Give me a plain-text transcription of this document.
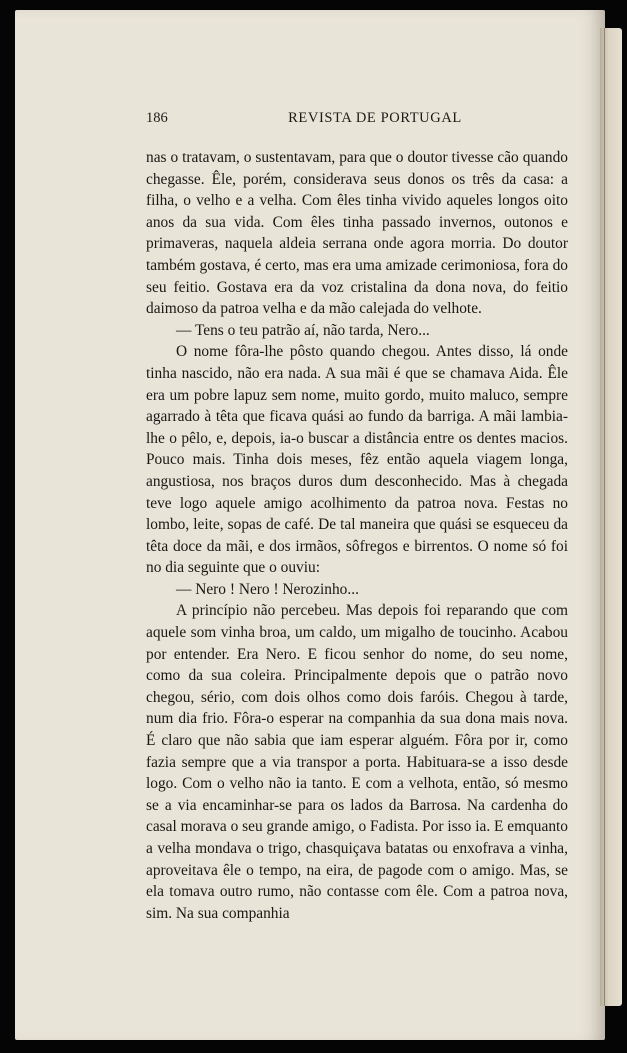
186	REVISTA DE PORTUGAL

nas o tratavam, o sustentavam, para que o doutor tivesse cão quando chegasse. Êle, porém, considerava seus donos os três da casa: a filha, o velho e a velha. Com êles tinha vivido aqueles longos oito anos da sua vida. Com êles tinha passado invernos, outonos e primaveras, naquela aldeia serrana onde agora morria. Do doutor também gostava, é certo, mas era uma amizade cerimoniosa, fora do seu feitio. Gostava era da voz cristalina da dona nova, do feitio daimoso da patroa velha e da mão calejada do velhote.

— Tens o teu patrão aí, não tarda, Nero...

O nome fôra-lhe pôsto quando chegou. Antes disso, lá onde tinha nascido, não era nada. A sua mãi é que se chamava Aida. Êle era um pobre lapuz sem nome, muito gordo, muito maluco, sempre agarrado à têta que ficava quási ao fundo da barriga. A mãi lambia-lhe o pêlo, e, depois, ia-o buscar a distância entre os dentes macios. Pouco mais. Tinha dois meses, fêz então aquela viagem longa, angustiosa, nos braços duros dum desconhecido. Mas à chegada teve logo aquele amigo acolhimento da patroa nova. Festas no lombo, leite, sopas de café. De tal maneira que quási se esqueceu da têta doce da mãi, e dos irmãos, sôfregos e birrentos. O nome só foi no dia seguinte que o ouviu:

— Nero ! Nero ! Nerozinho...

A princípio não percebeu. Mas depois foi reparando que com aquele som vinha broa, um caldo, um migalho de toucinho. Acabou por entender. Era Nero. E ficou senhor do nome, do seu nome, como da sua coleira. Principalmente depois que o patrão novo chegou, sério, com dois olhos como dois faróis. Chegou à tarde, num dia frio. Fôra-o esperar na companhia da sua dona mais nova. É claro que não sabia que iam esperar alguém. Fôra por ir, como fazia sempre que a via transpor a porta. Habituara-se a isso desde logo. Com o velho não ia tanto. E com a velhota, então, só mesmo se a via encaminhar-se para os lados da Barrosa. Na cardenha do casal morava o seu grande amigo, o Fadista. Por isso ia. E emquanto a velha mondava o trigo, chasquiçava batatas ou enxofrava a vinha, aproveitava êle o tempo, na eira, de pagode com o amigo. Mas, se ela tomava outro rumo, não contasse com êle. Com a patroa nova, sim. Na sua companhia
